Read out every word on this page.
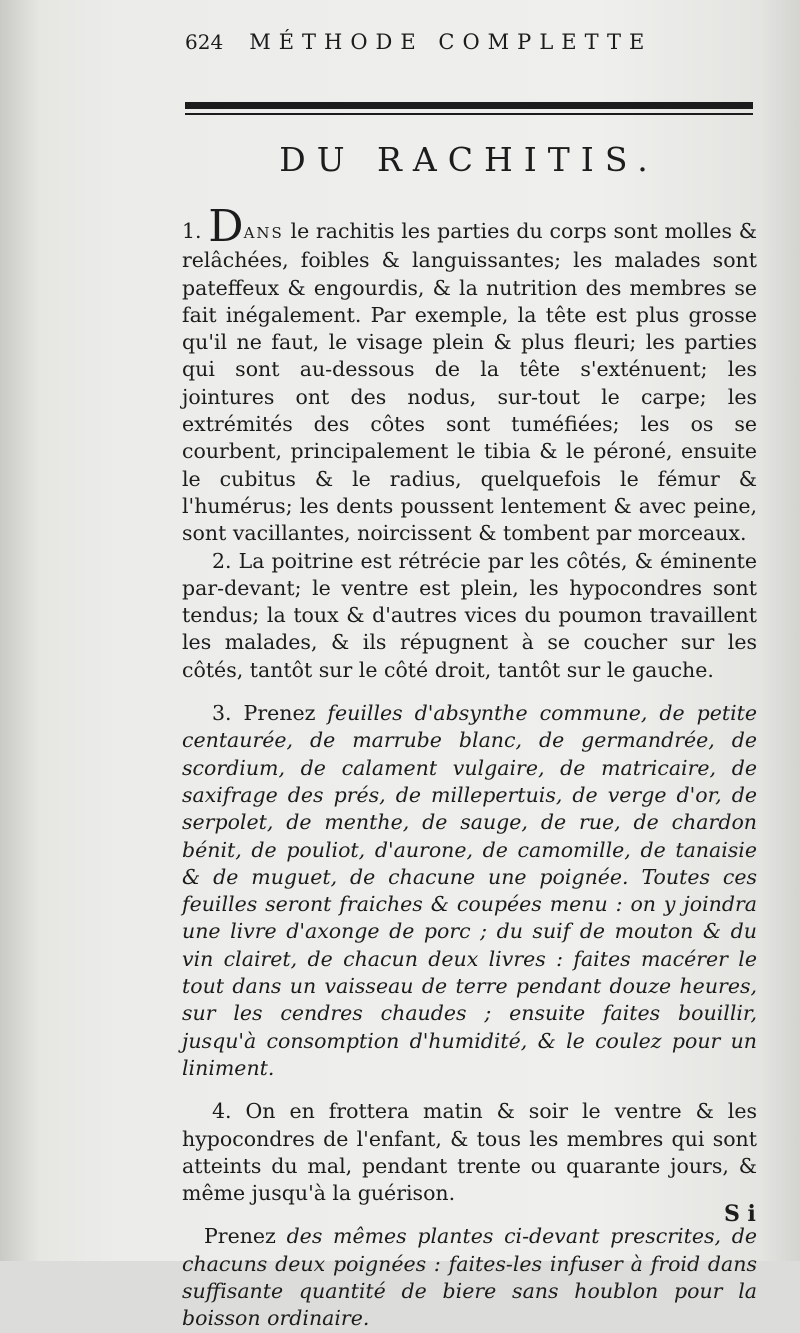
624 MÉTHODE COMPLETTE
DU RACHITIS.

1. DANS le rachitis les parties du corps sont molles & relâchées, foibles & languissantes; les malades sont pateffeux & engourdis, & la nutrition des membres se fait inégalement. Par exemple, la tête est plus grosse qu'il ne faut, le visage plein & plus fleuri; les parties qui sont au-dessous de la tête s'exténuent; les jointures ont des nodus, sur-tout le carpe; les extrémités des côtes sont tuméfiées; les os se courbent, principalement le tibia & le péroné, ensuite le cubitus & le radius, quelquefois le fémur & l'humérus; les dents poussent lentement & avec peine, sont vacillantes, noircissent & tombent par morceaux.

2. La poitrine est rétrécie par les côtés, & éminente par-devant; le ventre est plein, les hypocondres sont tendus; la toux & d'autres vices du poumon travaillent les malades, & ils répugnent à se coucher sur les côtés, tantôt sur le côté droit, tantôt sur le gauche.

3. Prenez feuilles d'absynthe commune, de petite centaurée, de marrube blanc, de germandrée, de scordium, de calament vulgaire, de matricaire, de saxifrage des prés, de millepertuis, de verge d'or, de serpolet, de menthe, de sauge, de rue, de chardon bénit, de pouliot, d'aurone, de camomille, de tanaisie & de muguet, de chacune une poignée. Toutes ces feuilles seront fraiches & coupées menu : on y joindra une livre d'axonge de porc ; du suif de mouton & du vin clairet, de chacun deux livres : faites macérer le tout dans un vaisseau de terre pendant douze heures, sur les cendres chaudes ; ensuite faites bouillir, jusqu'à consomption d'humidité, & le coulez pour un liniment.

4. On en frottera matin & soir le ventre & les hypocondres de l'enfant, & tous les membres qui sont atteints du mal, pendant trente ou quarante jours, & même jusqu'à la guérison.

Prenez des mêmes plantes ci-devant prescrites, de chacuns deux poignées : faites-les infuser à froid dans suffisante quantité de biere sans houblon pour la boisson ordinaire.

S i
